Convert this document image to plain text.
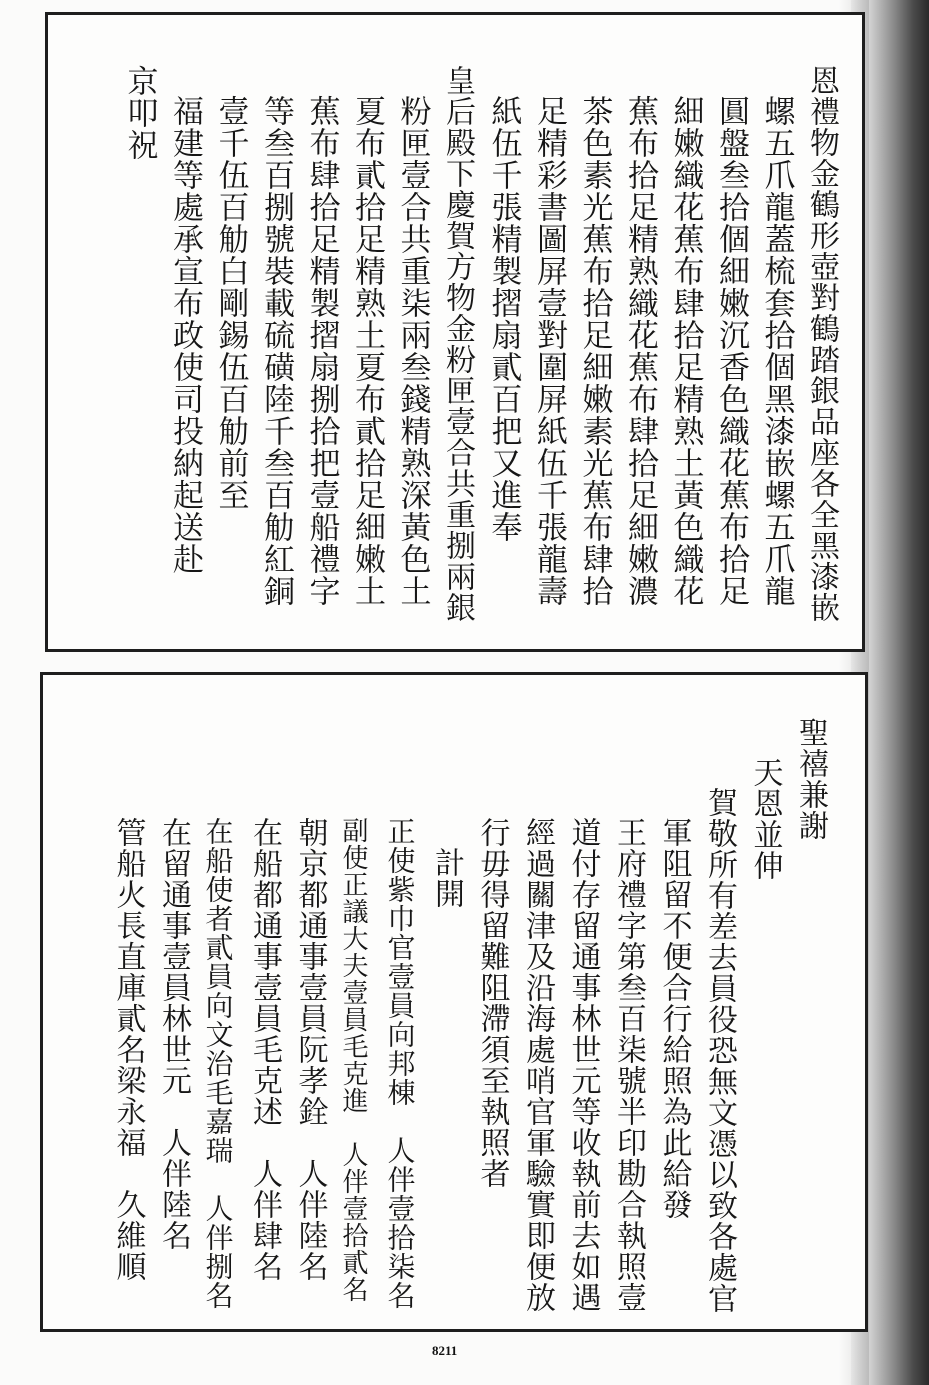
恩禮物金鶴形壺對鶴踏銀品座各全黑漆嵌
螺五爪龍蓋梳套拾個黑漆嵌螺五爪龍
圓盤叁拾個細嫩沉香色織花蕉布拾足
細嫩織花蕉布肆拾足精熟土黃色織花
蕉布拾足精熟織花蕉布肆拾足細嫩濃
茶色素光蕉布拾足細嫩素光蕉布肆拾
足精彩書圖屏壹對圍屏紙伍千張龍壽
紙伍千張精製摺扇貳百把又進奉
皇后殿下慶賀方物金粉匣壹合共重捌兩銀
粉匣壹合共重柒兩叁錢精熟深黃色土
夏布貳拾足精熟土夏布貳拾足細嫩土
蕉布肆拾足精製摺扇捌拾把壹船禮字
等叁百捌號裝載硫磺陸千叁百觔紅銅
壹千伍百觔白剛錫伍百觔前至
福建等處承宣布政使司投納起送赴
京叩祝
聖禧兼謝
天恩並伸
賀敬所有差去員役恐無文憑以致各處官
軍阻留不便合行給照為此給發
王府禮字第叁百柒號半印勘合執照壹
道付存留通事林世元等收執前去如遇
經過關津及沿海處哨官軍驗實即便放
行毋得留難阻滯須至執照者
計開
正使紫巾官壹員向邦棟　人伴壹拾柒名
副使正議大夫壹員毛克進　人伴壹拾貳名
朝京都通事壹員阮孝銓　人伴陸名
在船都通事壹員毛克述　人伴肆名
在船使者貳員向文治毛嘉瑞　人伴捌名
在留通事壹員林世元　人伴陸名
管船火長直庫貳名梁永福　久維順
8211
